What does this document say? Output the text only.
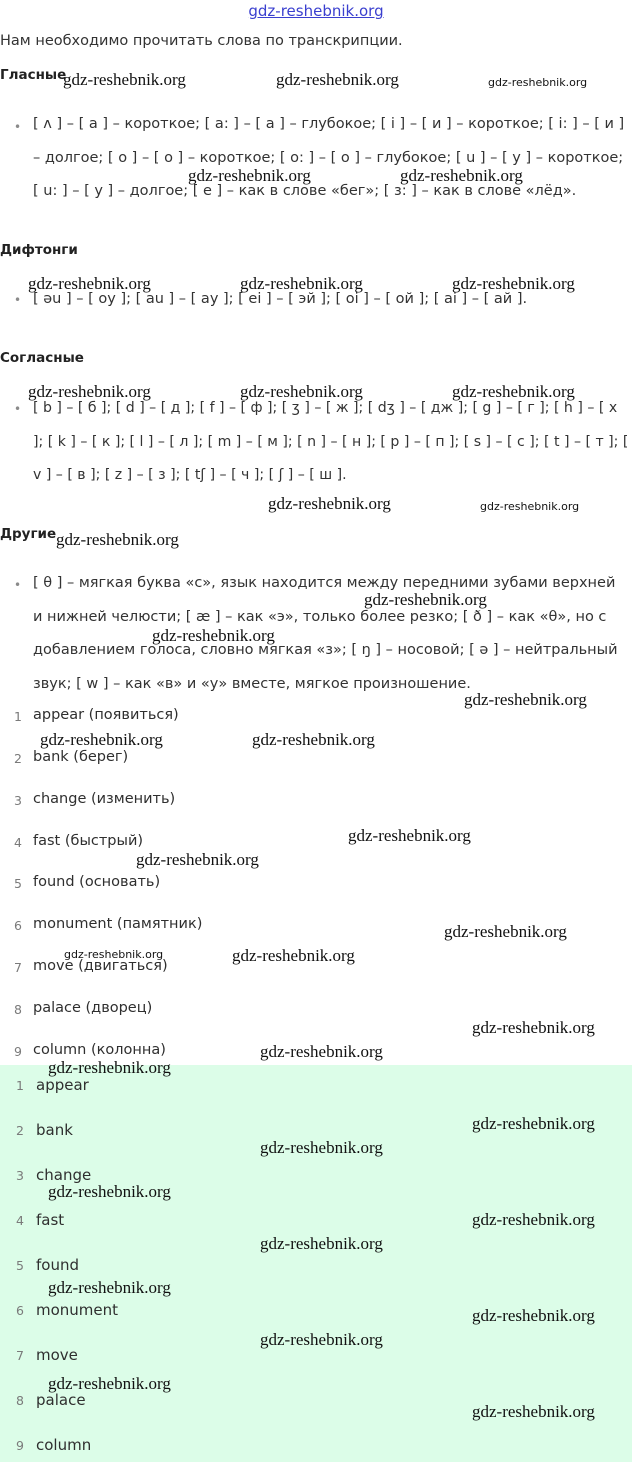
gdz-reshebnik.org
Нам необходимо прочитать слова по транскрипции.
Гласные
• [ ʌ ] – [ а ] – короткое; [ a: ] – [ а ] – глубокое; [ i ] – [ и ] – короткое; [ i: ] – [ и ] – долгое; [ o ] – [ о ] – короткое; [ o: ] – [ о ] – глубокое; [ u ] – [ у ] – короткое; [ u: ] – [ у ] – долгое; [ e ] – как в слове «бег»; [ з: ] – как в слове «лёд».
Дифтонги
• [ əu ] – [ оу ]; [ au ] – [ ау ]; [ ei ] – [ эй ]; [ oi ] – [ ой ]; [ ai ] – [ ай ].
Согласные
• [ b ] – [ б ]; [ d ] – [ д ]; [ f ] – [ ф ]; [ ʒ ] – [ ж ]; [ dʒ ] – [ дж ]; [ g ] – [ г ]; [ h ] – [ х ]; [ k ] – [ к ]; [ l ] – [ л ]; [ m ] – [ м ]; [ n ] – [ н ]; [ p ] – [ п ]; [ s ] – [ с ]; [ t ] – [ т ]; [ v ] – [ в ]; [ z ] – [ з ]; [ tʃ ] – [ ч ]; [ ʃ ] – [ ш ].
Другие
• [ θ ] – мягкая буква «с», язык находится между передними зубами верхней и нижней челюсти; [ æ ] – как «э», только более резко; [ ð ] – как «θ», но с добавлением голоса, словно мягкая «з»; [ ŋ ] – носовой; [ ə ] – нейтральный звук; [ w ] – как «в» и «у» вместе, мягкое произношение.
1 appear (появиться)
2 bank (берег)
3 change (изменить)
4 fast (быстрый)
5 found (основать)
6 monument (памятник)
7 move (двигаться)
8 palace (дворец)
9 column (колонна)
1 appear
2 bank
3 change
4 fast
5 found
6 monument
7 move
8 palace
9 column
gdz-reshebnik.org	gdz-reshebnik.org	gdz-reshebnik.org
gdz-reshebnik.org	gdz-reshebnik.org
gdz-reshebnik.org	gdz-reshebnik.org	gdz-reshebnik.org
gdz-reshebnik.org	gdz-reshebnik.org	gdz-reshebnik.org
gdz-reshebnik.org	gdz-reshebnik.org
gdz-reshebnik.org
gdz-reshebnik.org
gdz-reshebnik.org
gdz-reshebnik.org
gdz-reshebnik.org	gdz-reshebnik.org
gdz-reshebnik.org
gdz-reshebnik.org
gdz-reshebnik.org
gdz-reshebnik.org	gdz-reshebnik.org
gdz-reshebnik.org
gdz-reshebnik.org
gdz-reshebnik.org
gdz-reshebnik.org
gdz-reshebnik.org
gdz-reshebnik.org
gdz-reshebnik.org
gdz-reshebnik.org
gdz-reshebnik.org
gdz-reshebnik.org
gdz-reshebnik.org
gdz-reshebnik.org
gdz-reshebnik.org
